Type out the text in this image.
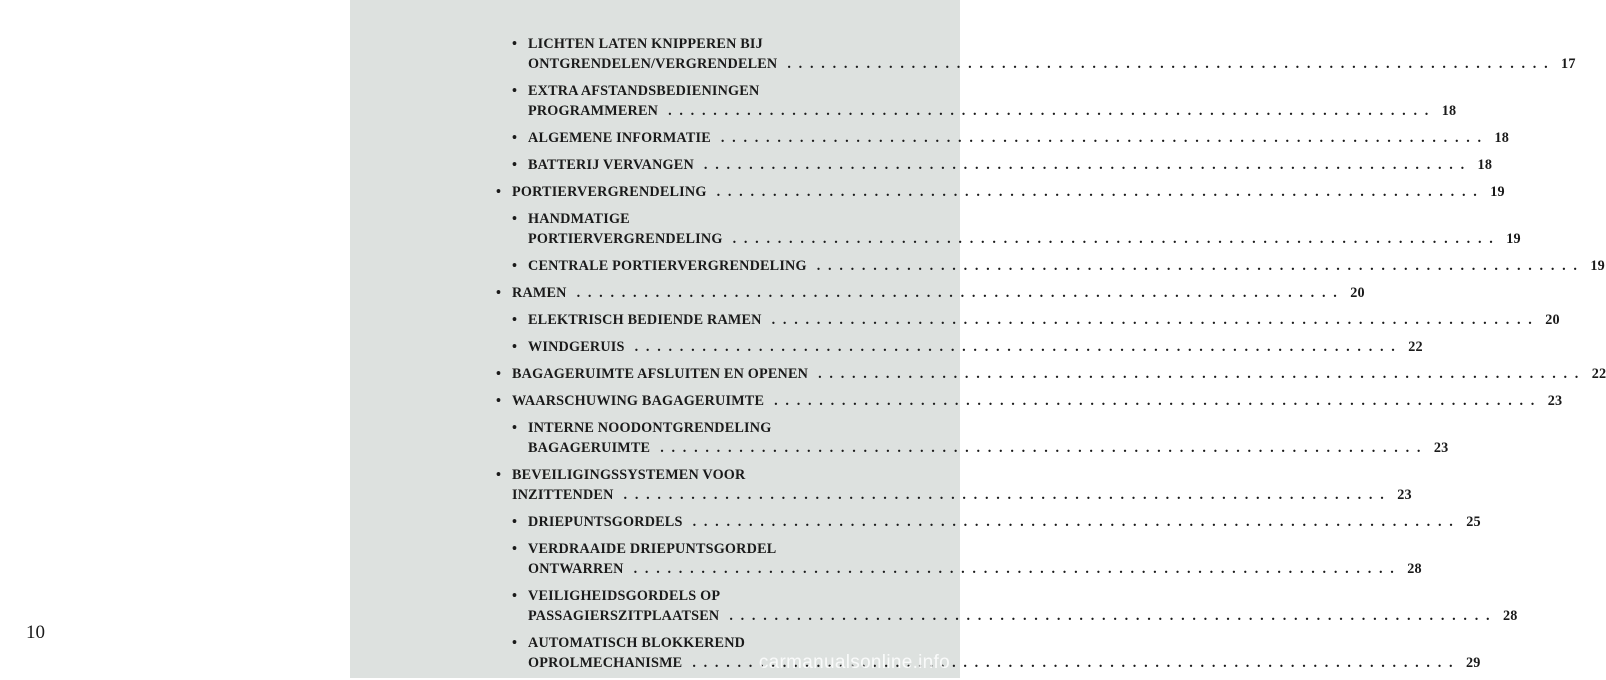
10
• LICHTEN LATEN KNIPPEREN BIJ
ONTGRENDELEN/VERGRENDELEN . . .	17
• EXTRA AFSTANDSBEDIENINGEN
PROGRAMMEREN . . .	18
• ALGEMENE INFORMATIE . . .	18
• BATTERIJ VERVANGEN . . .	18
• PORTIERVERGRENDELING . . .	19
• HANDMATIGE
PORTIERVERGRENDELING . . .	19
• CENTRALE PORTIERVERGRENDELING . . .	19
• RAMEN . . .	20
• ELEKTRISCH BEDIENDE RAMEN . . .	20
• WINDGERUIS . . .	22
• BAGAGERUIMTE AFSLUITEN EN OPENEN . . .	22
• WAARSCHUWING BAGAGERUIMTE . . .	23
• INTERNE NOODONTGRENDELING
BAGAGERUIMTE . . .	23
• BEVEILIGINGSSYSTEMEN VOOR
INZITTENDEN . . .	23
• DRIEPUNTSGORDELS . . .	25
• VERDRAAIDE DRIEPUNTSGORDEL
ONTWARREN . . .	28
• VEILIGHEIDSGORDELS OP
PASSAGIERSZITPLAATSEN . . .	28
• AUTOMATISCH BLOKKEREND
OPROLMECHANISME . . .	29
carmanualsonline.info
